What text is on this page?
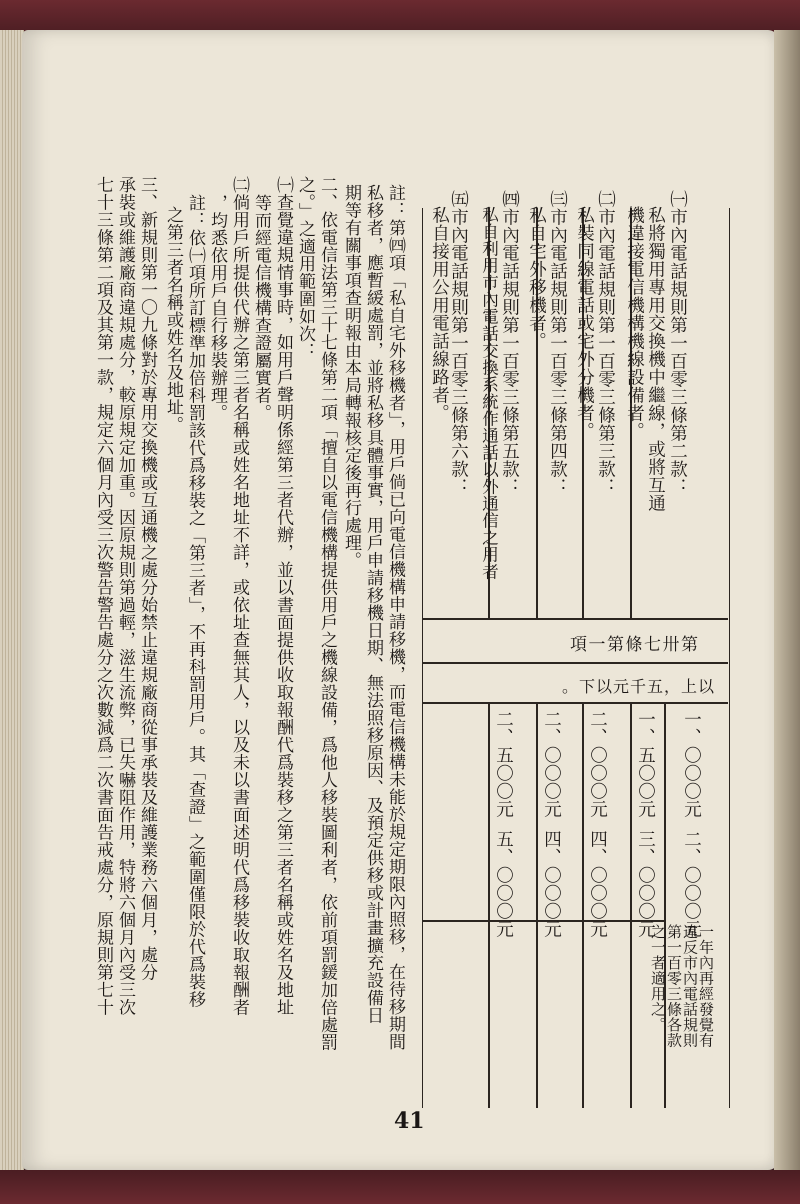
㈠市內電話規則第一百零三條第二款：
私將獨用專用交換機中繼線，或將互通
機違接電信機構機線設備者。
㈡市內電話規則第一百零三條第三款：
私裝同線電話或宅外分機者。
㈢市內電話規則第一百零三條第四款：
私自宅外移機者。
㈣市內電話規則第一百零三條第五款：
私自利用市內電話交換系統作通話以外通信之用者
㈤市內電話規則第一百零三條第六款：
私自接用公用電話線路者。
第卅七條第一項
以上，五千元以下。
一、〇〇〇元
一、五〇〇元
二、〇〇〇元
二、〇〇〇元
二、五〇〇元
二、〇〇〇元
三、〇〇〇元
四、〇〇〇元
四、〇〇〇元
五、〇〇〇元
一年內再經發覺有
違反市內電話規則
第一百零三條各款
之一者適用之。
註：第㈣項「私自宅外移機者」，用戶倘已向電信機構申請移機，而電信機構未能於規定期限內照移，在待移期間
私移者，應暫緩處罰，並將私移具體事實，用戶申請移機日期、無法照移原因、及預定供移或計畫擴充設備日
期等有關事項查明報由本局轉報核定後再行處理。
二、依電信法第三十七條第二項「擅自以電信機構提供用戶之機線設備，爲他人移裝圖利者，依前項罰鍰加倍處罰
之。」之適用範圍如次：
㈠查覺違規情事時，如用戶聲明係經第三者代辦，並以書面提供收取報酬代爲裝移之第三者名稱或姓名及地址
等而經電信機構查證屬實者。
㈡倘用戶所提供代辦之第三者名稱或姓名地址不詳，或依址查無其人，以及未以書面述明代爲移裝收取報酬者
，均悉依用戶自行移裝辦理。
註：依㈠項所訂標準加倍科罰該代爲移裝之「第三者」，不再科罰用戶。其「查證」之範圍僅限於代爲裝移
之第三者名稱或姓名及地址。
三、新規則第一〇九條對於專用交換機或互通機之處分始禁止違規廠商從事承裝及維護業務六個月，處分
承裝或維護廠商違規處分，較原規定加重。因原規則第過輕，滋生流弊，已失嚇阻作用，特將六個月內受三次
七十三條第二項及其第一款，規定六個月內受三次警告警告處分之次數減爲二次書面告戒處分，原規則第七十
41
